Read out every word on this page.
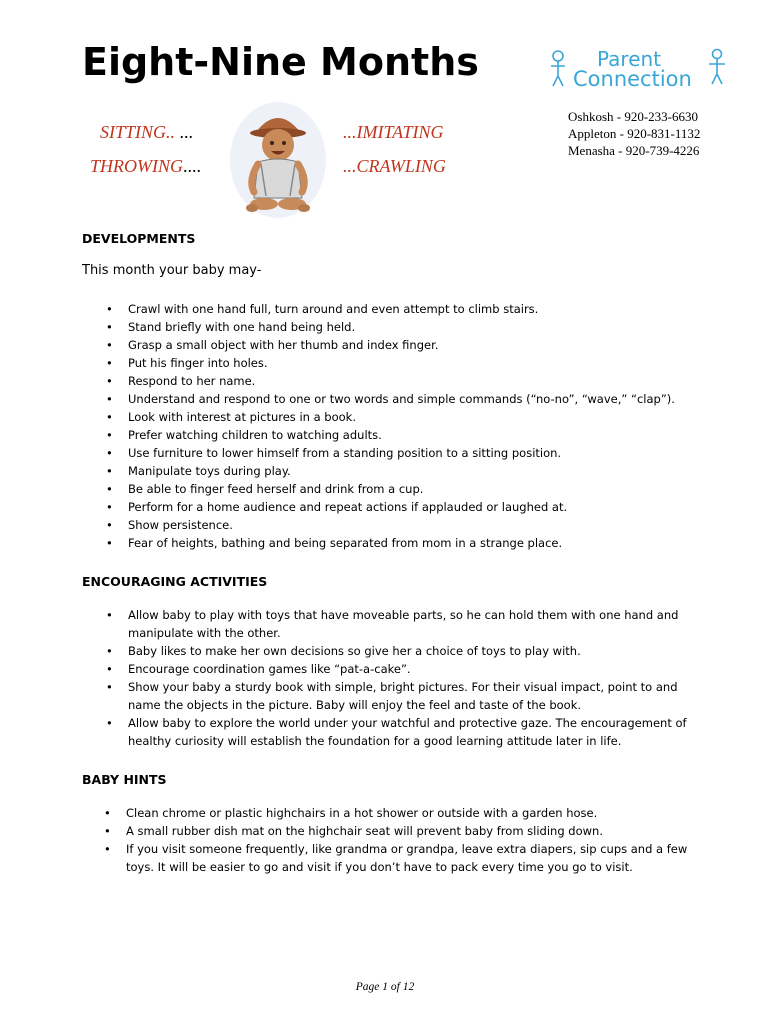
Eight-Nine Months	Parent
Connection
SITTING.. ...	...IMITATING
THROWING....	...CRAWLING
Oshkosh - 920-233-6630
Appleton - 920-831-1132
Menasha - 920-739-4226
DEVELOPMENTS
This month your baby may-
• Crawl with one hand full, turn around and even attempt to climb stairs.
• Stand briefly with one hand being held.
• Grasp a small object with her thumb and index finger.
• Put his finger into holes.
• Respond to her name.
• Understand and respond to one or two words and simple commands (“no-no”, “wave,” “clap”).
• Look with interest at pictures in a book.
• Prefer watching children to watching adults.
• Use furniture to lower himself from a standing position to a sitting position.
• Manipulate toys during play.
• Be able to finger feed herself and drink from a cup.
• Perform for a home audience and repeat actions if applauded or laughed at.
• Show persistence.
• Fear of heights, bathing and being separated from mom in a strange place.
ENCOURAGING ACTIVITIES
• Allow baby to play with toys that have moveable parts, so he can hold them with one hand and manipulate with the other.
• Baby likes to make her own decisions so give her a choice of toys to play with.
• Encourage coordination games like “pat-a-cake”.
• Show your baby a sturdy book with simple, bright pictures. For their visual impact, point to and name the objects in the picture. Baby will enjoy the feel and taste of the book.
• Allow baby to explore the world under your watchful and protective gaze. The encouragement of healthy curiosity will establish the foundation for a good learning attitude later in life.
BABY HINTS
• Clean chrome or plastic highchairs in a hot shower or outside with a garden hose.
• A small rubber dish mat on the highchair seat will prevent baby from sliding down.
• If you visit someone frequently, like grandma or grandpa, leave extra diapers, sip cups and a few toys. It will be easier to go and visit if you don’t have to pack every time you go to visit.
Page 1 of 12
